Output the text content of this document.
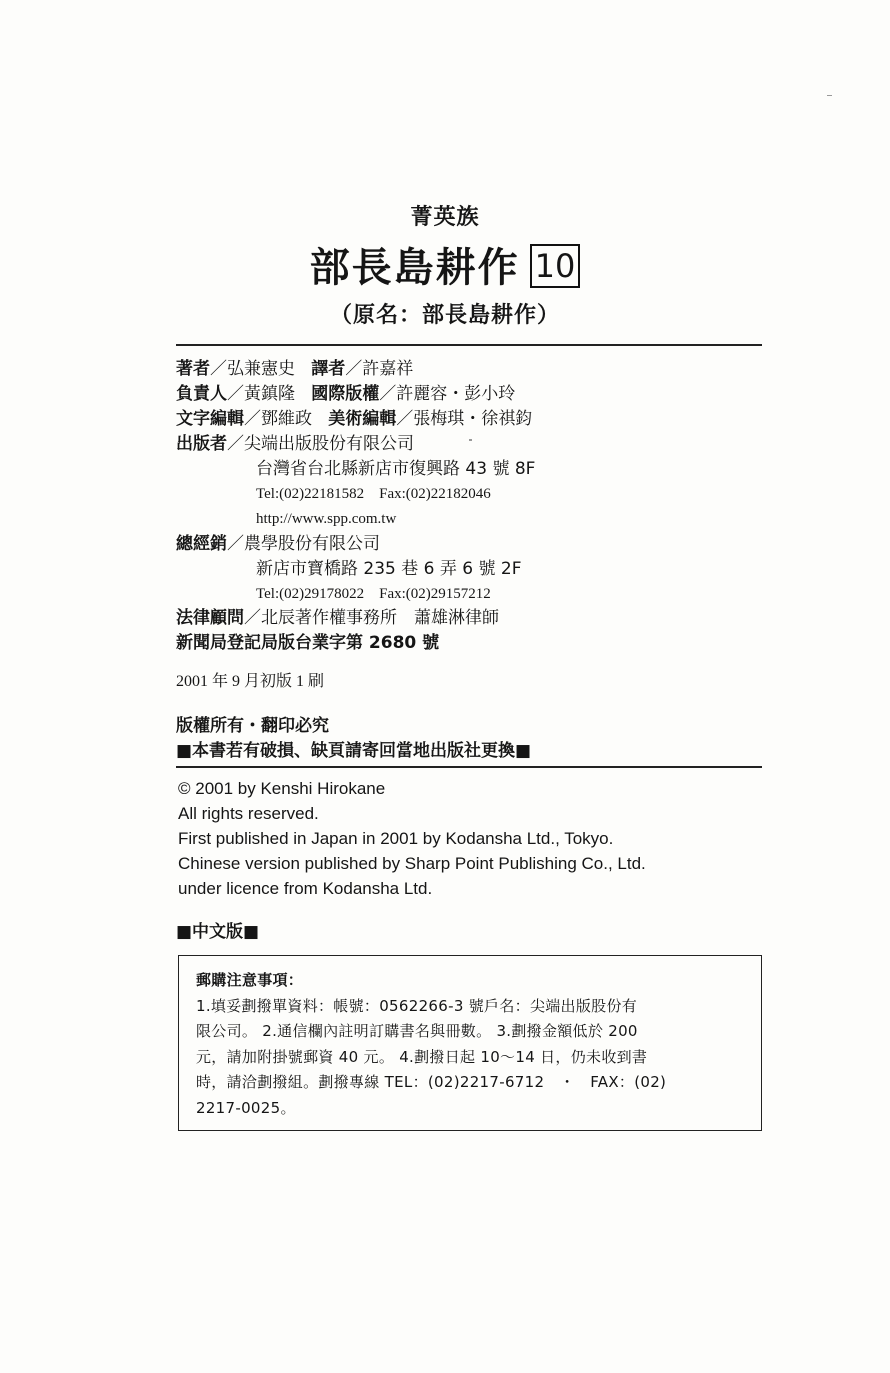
菁英族
部長島耕作 10
（原名：部長島耕作）
著者／弘兼憲史 譯者／許嘉祥
負責人／黃鎮隆 國際版權／許麗容・彭小玲
文字編輯／鄧維政 美術編輯／張梅琪・徐祺鈞
出版者／尖端出版股份有限公司
台灣省台北縣新店市復興路 43 號 8F
Tel:(02)22181582　Fax:(02)22182046
http://www.spp.com.tw
總經銷／農學股份有限公司
新店市寶橋路 235 巷 6 弄 6 號 2F
Tel:(02)29178022　Fax:(02)29157212
法律顧問／北辰著作權事務所　蕭雄淋律師
新聞局登記局版台業字第 2680 號
2001 年 9 月初版 1 刷
版權所有・翻印必究
■本書若有破損、缺頁請寄回當地出版社更換■
© 2001 by Kenshi Hirokane
All rights reserved.
First published in Japan in 2001 by Kodansha Ltd., Tokyo.
Chinese version published by Sharp Point Publishing Co., Ltd.
under licence from Kodansha Ltd.
■中文版■
郵購注意事項：
1.填妥劃撥單資料：帳號：0562266-3 號戶名：尖端出版股份有
限公司。 2.通信欄內註明訂購書名與冊數。 3.劃撥金額低於 200
元，請加附掛號郵資 40 元。 4.劃撥日起 10～14 日，仍未收到書
時，請洽劃撥組。劃撥專線 TEL：(02)2217-6712　・　FAX：(02)
2217-0025。
